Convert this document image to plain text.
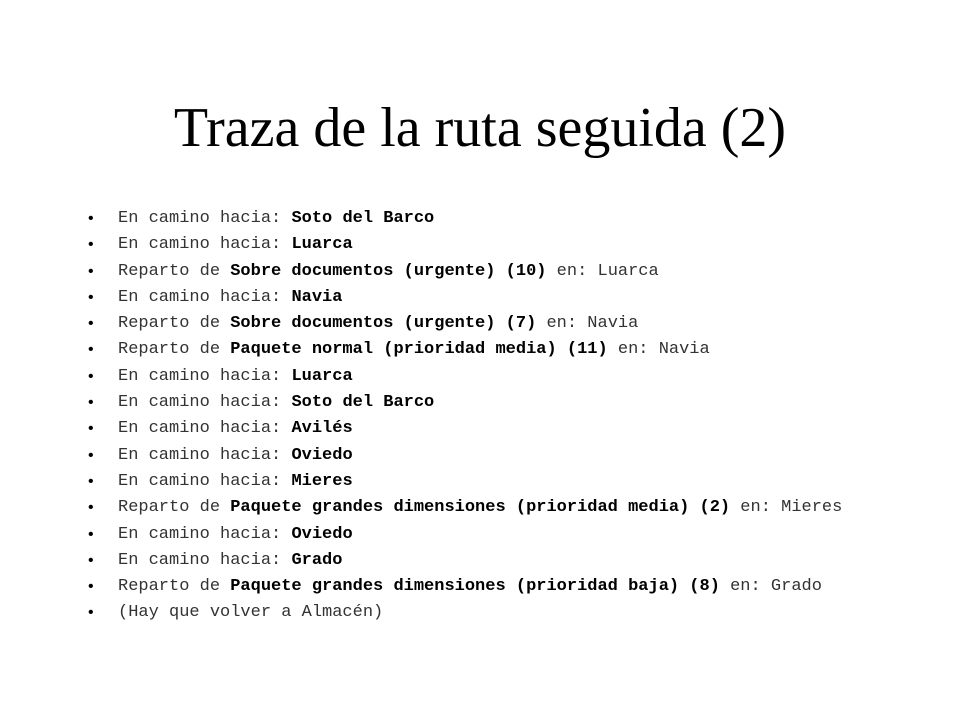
Traza de la ruta seguida (2)
• En camino hacia: Soto del Barco
• En camino hacia: Luarca
• Reparto de Sobre documentos (urgente) (10) en: Luarca
• En camino hacia: Navia
• Reparto de Sobre documentos (urgente) (7) en: Navia
• Reparto de Paquete normal (prioridad media) (11) en: Navia
• En camino hacia: Luarca
• En camino hacia: Soto del Barco
• En camino hacia: Avilés
• En camino hacia: Oviedo
• En camino hacia: Mieres
• Reparto de Paquete grandes dimensiones (prioridad media) (2) en: Mieres
• En camino hacia: Oviedo
• En camino hacia: Grado
• Reparto de Paquete grandes dimensiones (prioridad baja) (8) en: Grado
• (Hay que volver a Almacén)
